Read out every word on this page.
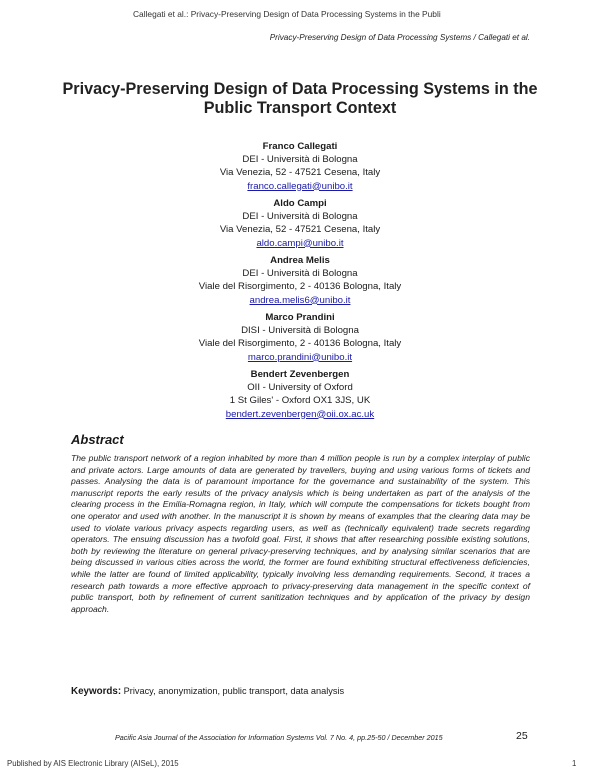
Callegati et al.: Privacy-Preserving Design of Data Processing Systems in the Publi
Privacy-Preserving Design of Data Processing Systems / Callegati et al.
Privacy-Preserving Design of Data Processing Systems in the Public Transport Context
Franco Callegati
DEI - Università di Bologna
Via Venezia, 52 - 47521 Cesena, Italy
franco.callegati@unibo.it
Aldo Campi
DEI - Università di Bologna
Via Venezia, 52 - 47521 Cesena, Italy
aldo.campi@unibo.it
Andrea Melis
DEI - Università di Bologna
Viale del Risorgimento, 2 - 40136 Bologna, Italy
andrea.melis6@unibo.it
Marco Prandini
DISI - Università di Bologna
Viale del Risorgimento, 2 - 40136 Bologna, Italy
marco.prandini@unibo.it
Bendert Zevenbergen
OII - University of Oxford
1 St Giles' - Oxford OX1 3JS, UK
bendert.zevenbergen@oii.ox.ac.uk
Abstract
The public transport network of a region inhabited by more than 4 million people is run by a complex interplay of public and private actors. Large amounts of data are generated by travellers, buying and using various forms of tickets and passes. Analysing the data is of paramount importance for the governance and sustainability of the system. This manuscript reports the early results of the privacy analysis which is being undertaken as part of the analysis of the clearing process in the Emilia-Romagna region, in Italy, which will compute the compensations for tickets bought from one operator and used with another. In the manuscript it is shown by means of examples that the clearing data may be used to violate various privacy aspects regarding users, as well as (technically equivalent) trade secrets regarding operators. The ensuing discussion has a twofold goal. First, it shows that after researching possible existing solutions, both by reviewing the literature on general privacy-preserving techniques, and by analysing similar scenarios that are being discussed in various cities across the world, the former are found exhibiting structural effectiveness deficiencies, while the latter are found of limited applicability, typically involving less demanding requirements. Second, it traces a research path towards a more effective approach to privacy-preserving data management in the specific context of public transport, both by refinement of current sanitization techniques and by application of the privacy by design approach.
Keywords: Privacy, anonymization, public transport, data analysis
Pacific Asia Journal of the Association for Information Systems Vol. 7 No. 4, pp.25-50 / December 2015	25
Published by AIS Electronic Library (AISeL), 2015	1
